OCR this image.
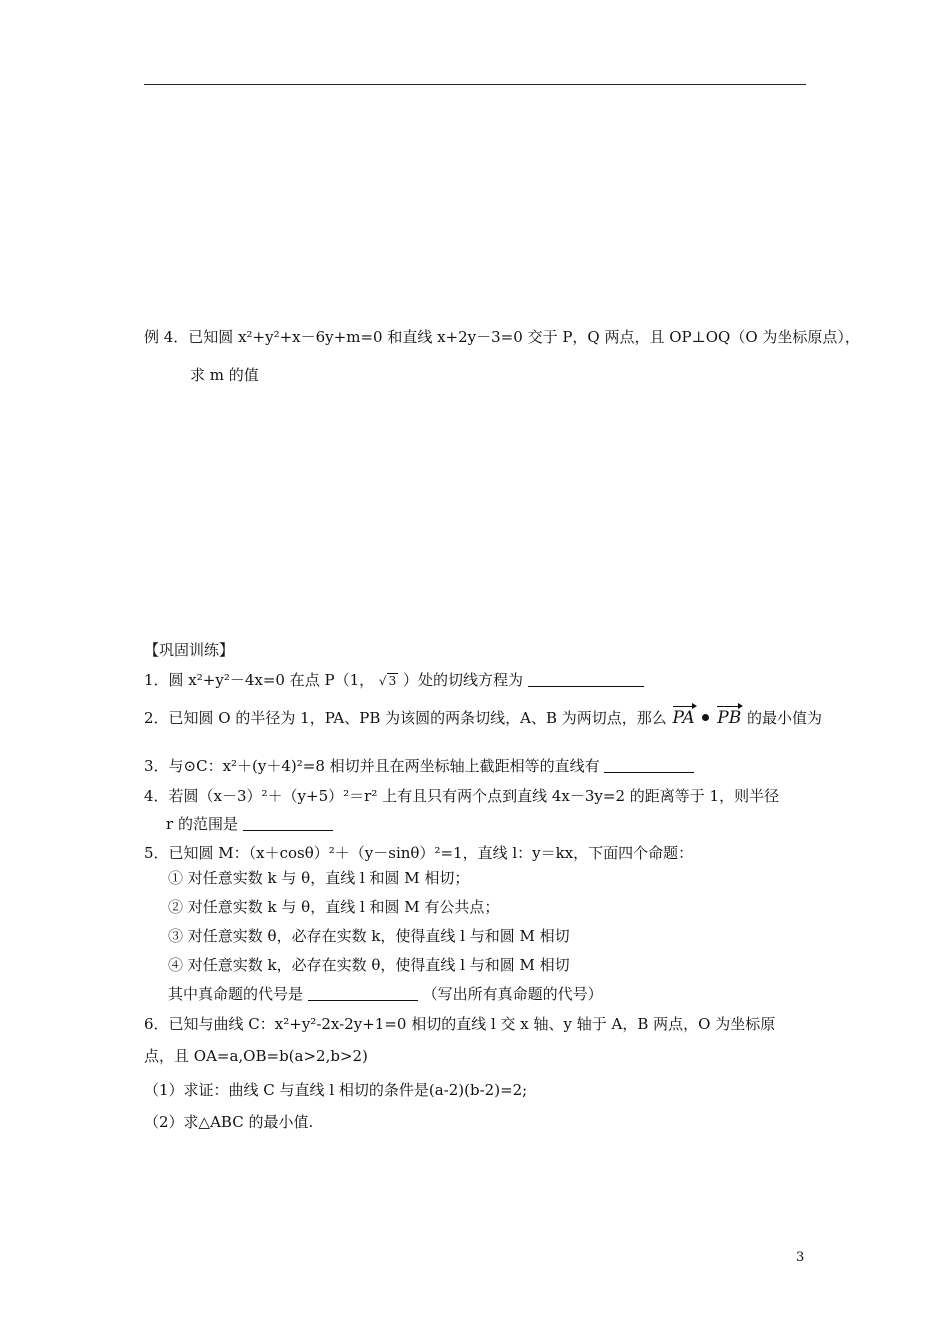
例 4．已知圆 x²+y²+x－6y+m=0 和直线 x+2y－3=0 交于 P，Q 两点，且 OP⊥OQ（O 为坐标原点），
求 m 的值
【巩固训练】
1．圆 x²+y²－4x=0 在点 P（1， √ 3 ）处的切线方程为
2．已知圆 O 的半径为 1，PA、PB 为该圆的两条切线，A、B 为两切点，那么 PA PB 的最小值为
3．与⊙C：x²＋(y＋4)²=8 相切并且在两坐标轴上截距相等的直线有
4．若圆（x－3）²＋（y+5）²＝r² 上有且只有两个点到直线 4x－3y=2 的距离等于 1，则半径
r 的范围是
5．已知圆 M：（x＋cosθ）²＋（y－sinθ）²=1，直线 l：y＝kx，下面四个命题：
① 对任意实数 k 与 θ，直线 l 和圆 M 相切；
② 对任意实数 k 与 θ，直线 l 和圆 M 有公共点；
③ 对任意实数 θ，必存在实数 k，使得直线 l 与和圆 M 相切
④ 对任意实数 k，必存在实数 θ，使得直线 l 与和圆 M 相切
其中真命题的代号是	（写出所有真命题的代号）
6．已知与曲线 C：x²+y²-2x-2y+1=0 相切的直线 l 交 x 轴、y 轴于 A，B 两点，O 为坐标原
点，且 OA=a,OB=b(a>2,b>2)
（1）求证：曲线 C 与直线 l 相切的条件是(a-2)(b-2)=2;
（2）求△ABC 的最小值.
3
